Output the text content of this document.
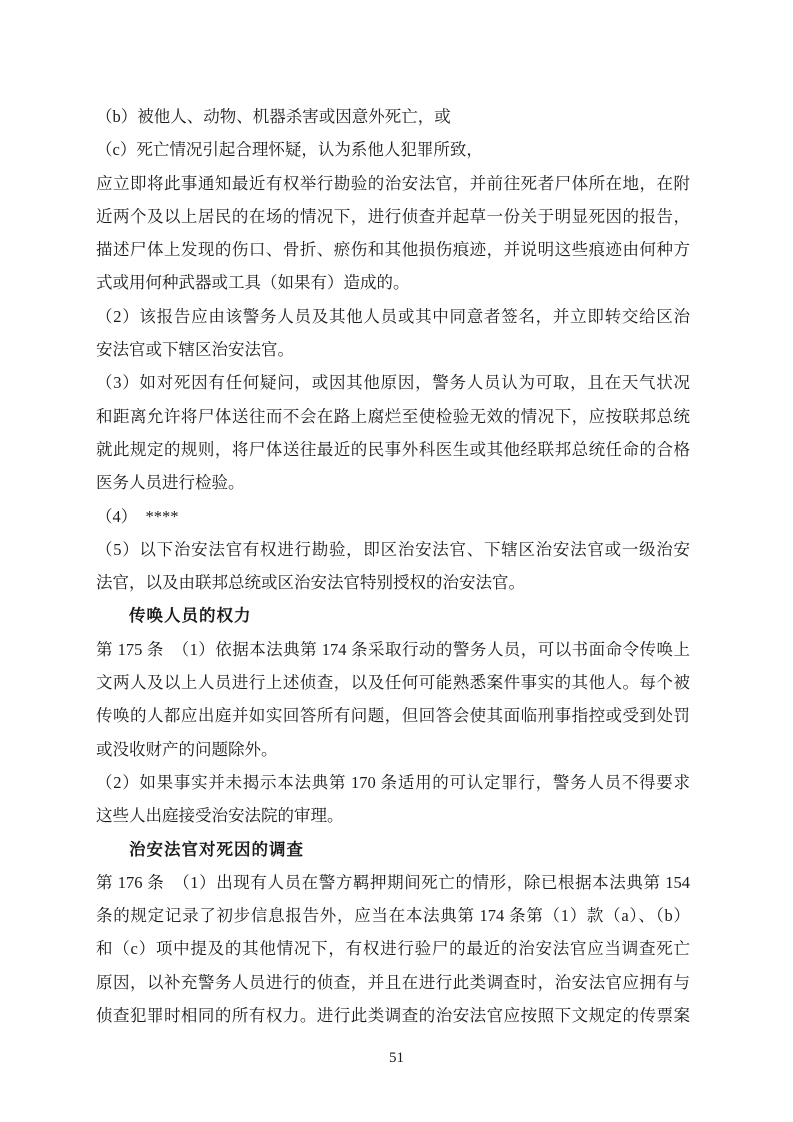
（b）被他人、动物、机器杀害或因意外死亡，或
（c）死亡情况引起合理怀疑，认为系他人犯罪所致，
应立即将此事通知最近有权举行勘验的治安法官，并前往死者尸体所在地，在附
近两个及以上居民的在场的情况下，进行侦查并起草一份关于明显死因的报告，
描述尸体上发现的伤口、骨折、瘀伤和其他损伤痕迹，并说明这些痕迹由何种方
式或用何种武器或工具（如果有）造成的。
（2）该报告应由该警务人员及其他人员或其中同意者签名，并立即转交给区治
安法官或下辖区治安法官。
（3）如对死因有任何疑问，或因其他原因，警务人员认为可取，且在天气状况
和距离允许将尸体送往而不会在路上腐烂至使检验无效的情况下，应按联邦总统
就此规定的规则，将尸体送往最近的民事外科医生或其他经联邦总统任命的合格
医务人员进行检验。
（4）　****
（5）以下治安法官有权进行勘验，即区治安法官、下辖区治安法官或一级治安
法官，以及由联邦总统或区治安法官特别授权的治安法官。
传唤人员的权力
第 175 条　（1）依据本法典第 174 条采取行动的警务人员，可以书面命令传唤上
文两人及以上人员进行上述侦查，以及任何可能熟悉案件事实的其他人。每个被
传唤的人都应出庭并如实回答所有问题，但回答会使其面临刑事指控或受到处罚
或没收财产的问题除外。
（2）如果事实并未揭示本法典第 170 条适用的可认定罪行，警务人员不得要求
这些人出庭接受治安法院的审理。
治安法官对死因的调查
第 176 条　（1）出现有人员在警方羁押期间死亡的情形，除已根据本法典第 154
条的规定记录了初步信息报告外，应当在本法典第 174 条第（1）款（a）、（b）
和（c）项中提及的其他情况下，有权进行验尸的最近的治安法官应当调查死亡
原因，以补充警务人员进行的侦查，并且在进行此类调查时，治安法官应拥有与
侦查犯罪时相同的所有权力。进行此类调查的治安法官应按照下文规定的传票案
51
